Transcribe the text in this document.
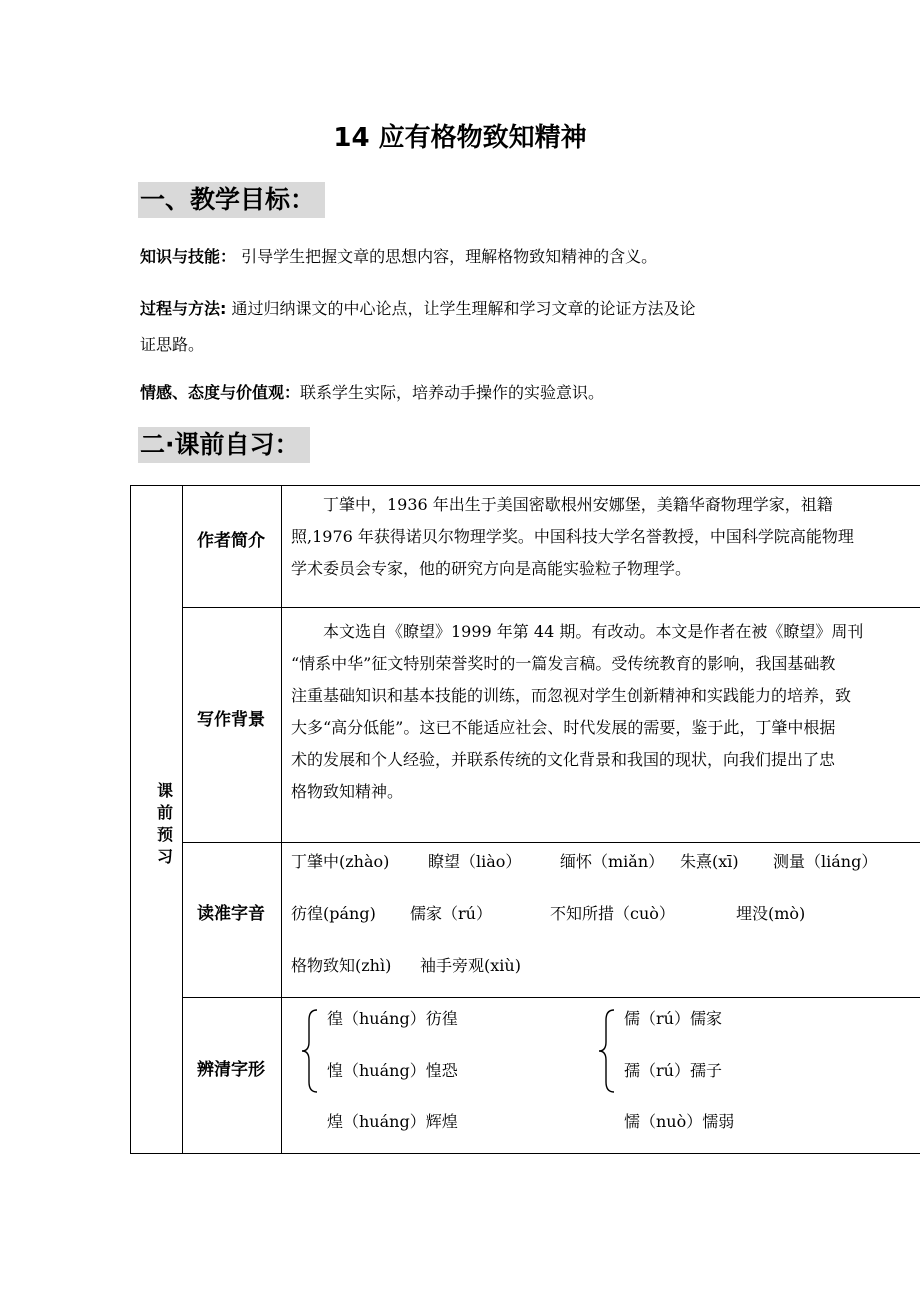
14 应有格物致知精神
一、教学目标：
知识与技能： 引导学生把握文章的思想内容，理解格物致知精神的含义。
过程与方法: 通过归纳课文的中心论点，让学生理解和学习文章的论证方法及论
证思路。
情感、态度与价值观：联系学生实际，培养动手操作的实验意识。
二·课前自习：
课前预习
作者简介

丁肇中，1936 年出生于美国密歇根州安娜堡，美籍华裔物理学家，祖籍

照,1976 年获得诺贝尔物理学奖。中国科技大学名誉教授，中国科学院高能物理

学术委员会专家，他的研究方向是高能实验粒子物理学。

写作背景

本文选自《瞭望》1999 年第 44 期。有改动。本文是作者在被《瞭望》周刊

“情系中华”征文特别荣誉奖时的一篇发言稿。受传统教育的影响，我国基础教

注重基础知识和基本技能的训练，而忽视对学生创新精神和实践能力的培养，致

大多“高分低能”。这已不能适应社会、时代发展的需要，鉴于此，丁肇中根据

术的发展和个人经验，并联系传统的文化背景和我国的现状，向我们提出了忠

格物致知精神。

读准字音
丁肇中(zhào) 瞭望（liào） 缅怀（miǎn） 朱熹(xī) 测量（liáng）
彷徨(páng) 儒家（rú）	不知所措（cuò）	埋没(mò)
格物致知(zhì) 袖手旁观(xiù)
辨清字形
徨（huáng）彷徨
惶（huáng）惶恐
煌（huáng）辉煌
儒（rú）儒家
孺（rú）孺子
懦（nuò）懦弱
